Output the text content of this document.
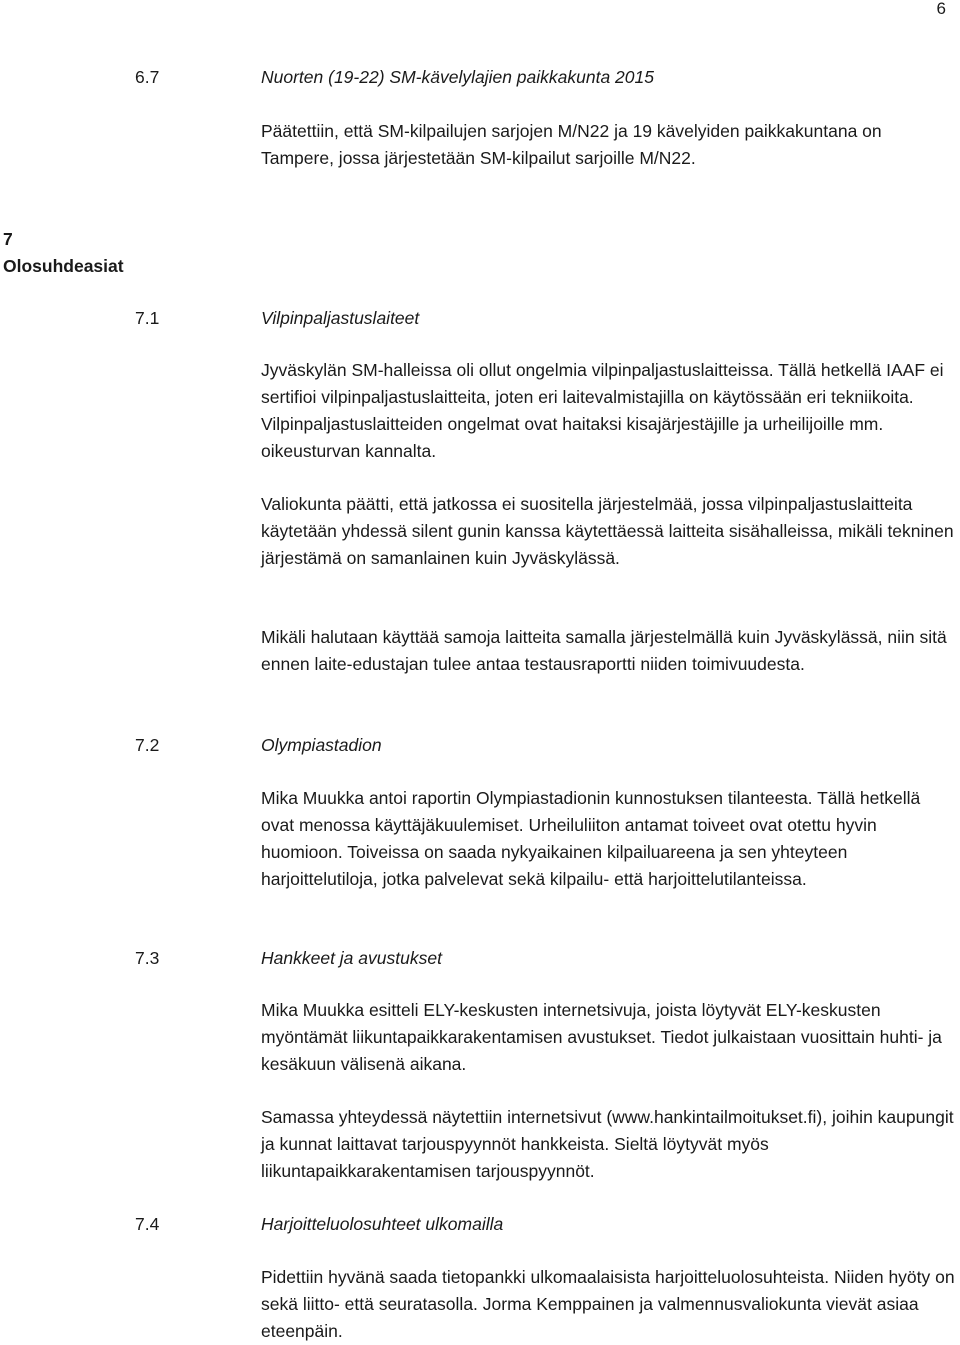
6
6.7	Nuorten (19-22) SM-kävelylajien paikkakunta 2015

Päätettiin, että SM-kilpailujen sarjojen M/N22 ja 19 kävelyiden paikkakuntana on Tampere, jossa järjestetään SM-kilpailut sarjoille M/N22.

7
Olosuhdeasiat
7.1	Vilpinpaljastuslaiteet

Jyväskylän SM-halleissa oli ollut ongelmia vilpinpaljastuslaitteissa. Tällä hetkellä IAAF ei sertifioi vilpinpaljastuslaitteita, joten eri laitevalmistajilla on käytössään eri tekniikoita. Vilpinpaljastuslaitteiden ongelmat ovat haitaksi kisajärjestäjille ja urheilijoille mm. oikeusturvan kannalta.

Valiokunta päätti, että jatkossa ei suositella järjestelmää, jossa vilpinpaljastuslaitteita käytetään yhdessä silent gunin kanssa käytettäessä laitteita sisähalleissa, mikäli tekninen järjestämä on samanlainen kuin Jyväskylässä.

Mikäli halutaan käyttää samoja laitteita samalla järjestelmällä kuin Jyväskylässä, niin sitä ennen laite-edustajan tulee antaa testausraportti niiden toimivuudesta.

7.2	Olympiastadion

Mika Muukka antoi raportin Olympiastadionin kunnostuksen tilanteesta. Tällä hetkellä ovat menossa käyttäjäkuulemiset. Urheiluliiton antamat toiveet ovat otettu hyvin huomioon. Toiveissa on saada nykyaikainen kilpailuareena ja sen yhteyteen harjoittelutiloja, jotka palvelevat sekä kilpailu- että harjoittelutilanteissa.

7.3	Hankkeet ja avustukset

Mika Muukka esitteli ELY-keskusten internetsivuja, joista löytyvät ELY-keskusten myöntämät liikuntapaikkarakentamisen avustukset. Tiedot julkaistaan vuosittain huhti- ja kesäkuun välisenä aikana.

Samassa yhteydessä näytettiin internetsivut (www.hankintailmoitukset.fi), joihin kaupungit ja kunnat laittavat tarjouspyynnöt hankkeista. Sieltä löytyvät myös liikuntapaikkarakentamisen tarjouspyynnöt.

7.4	Harjoitteluolosuhteet ulkomailla

Pidettiin hyvänä saada tietopankki ulkomaalaisista harjoitteluolosuhteista. Niiden hyöty on sekä liitto- että seuratasolla. Jorma Kemppainen ja valmennusvaliokunta vievät asiaa eteenpäin.
